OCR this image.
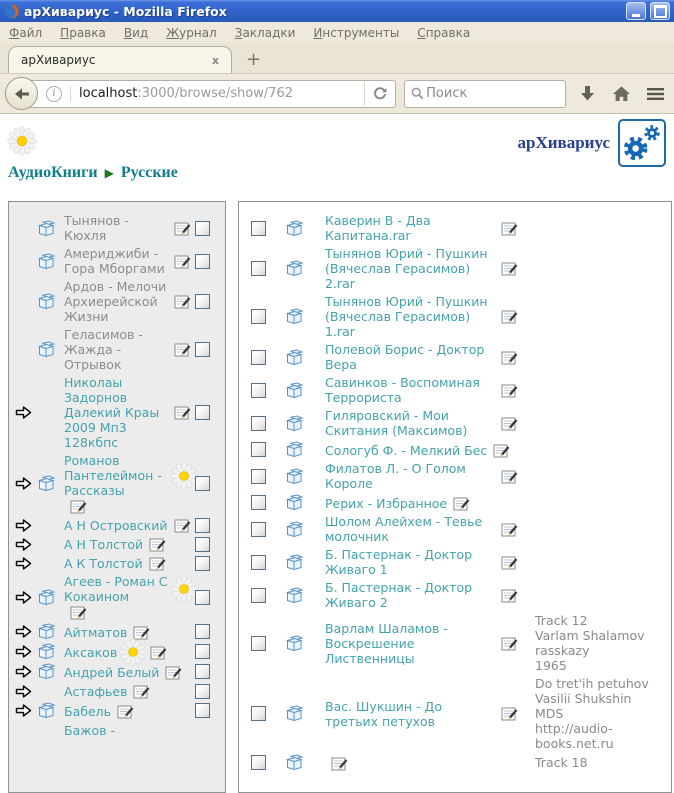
арХивариус - Mozilla Firefox
Файл	Правка	Вид	Журнал	Закладки	Инструменты	Справка
арХивариус	x	+
i	localhost :3000/browse/show/762
Поиск
арХивариус
АудиоКниги ▶ Русские
Тынянов - Кюхля
Америджиби - Гора Мборгами
Ардов - Мелочи Архиерейской Жизни
Геласимов - Жажда - Отрывок
Николаы Задорнов Далекий Краы 2009 Мп3 128кбпс
Романов Пантелеймон - Рассказы
А Н Островский
А Н Толстой
А К Толстой
Агеев - Роман С Кокаином
Айтматов
Аксаков
Андрей Белый
Астафьев
Бабель
Бажов -
Каверин В - Два Капитана.rar
Тынянов Юрий - Пушкин (Вячеслав Герасимов) 2.rar
Тынянов Юрий - Пушкин (Вячеслав Герасимов) 1.rar
Полевой Борис - Доктор Вера
Савинков - Воспоминая Террориста
Гиляровский - Мои Скитания (Максимов)
Сологуб Ф. - Мелкий Бес
Филатов Л. - О Голом Короле
Рерих - Избранное
Шолом Алейхем - Тевье молочник
Б. Пастернак - Доктор Живаго 1
Б. Пастернак - Доктор Живаго 2
Варлам Шаламов - Воскрешение Лиственницы
Track 12
Varlam Shalamov
rasskazy
1965
Вас. Шукшин - До третьих петухов
Do tret'ih petuhov
Vasilii Shukshin
MDS
http://audio-books.net.ru
Track 18
